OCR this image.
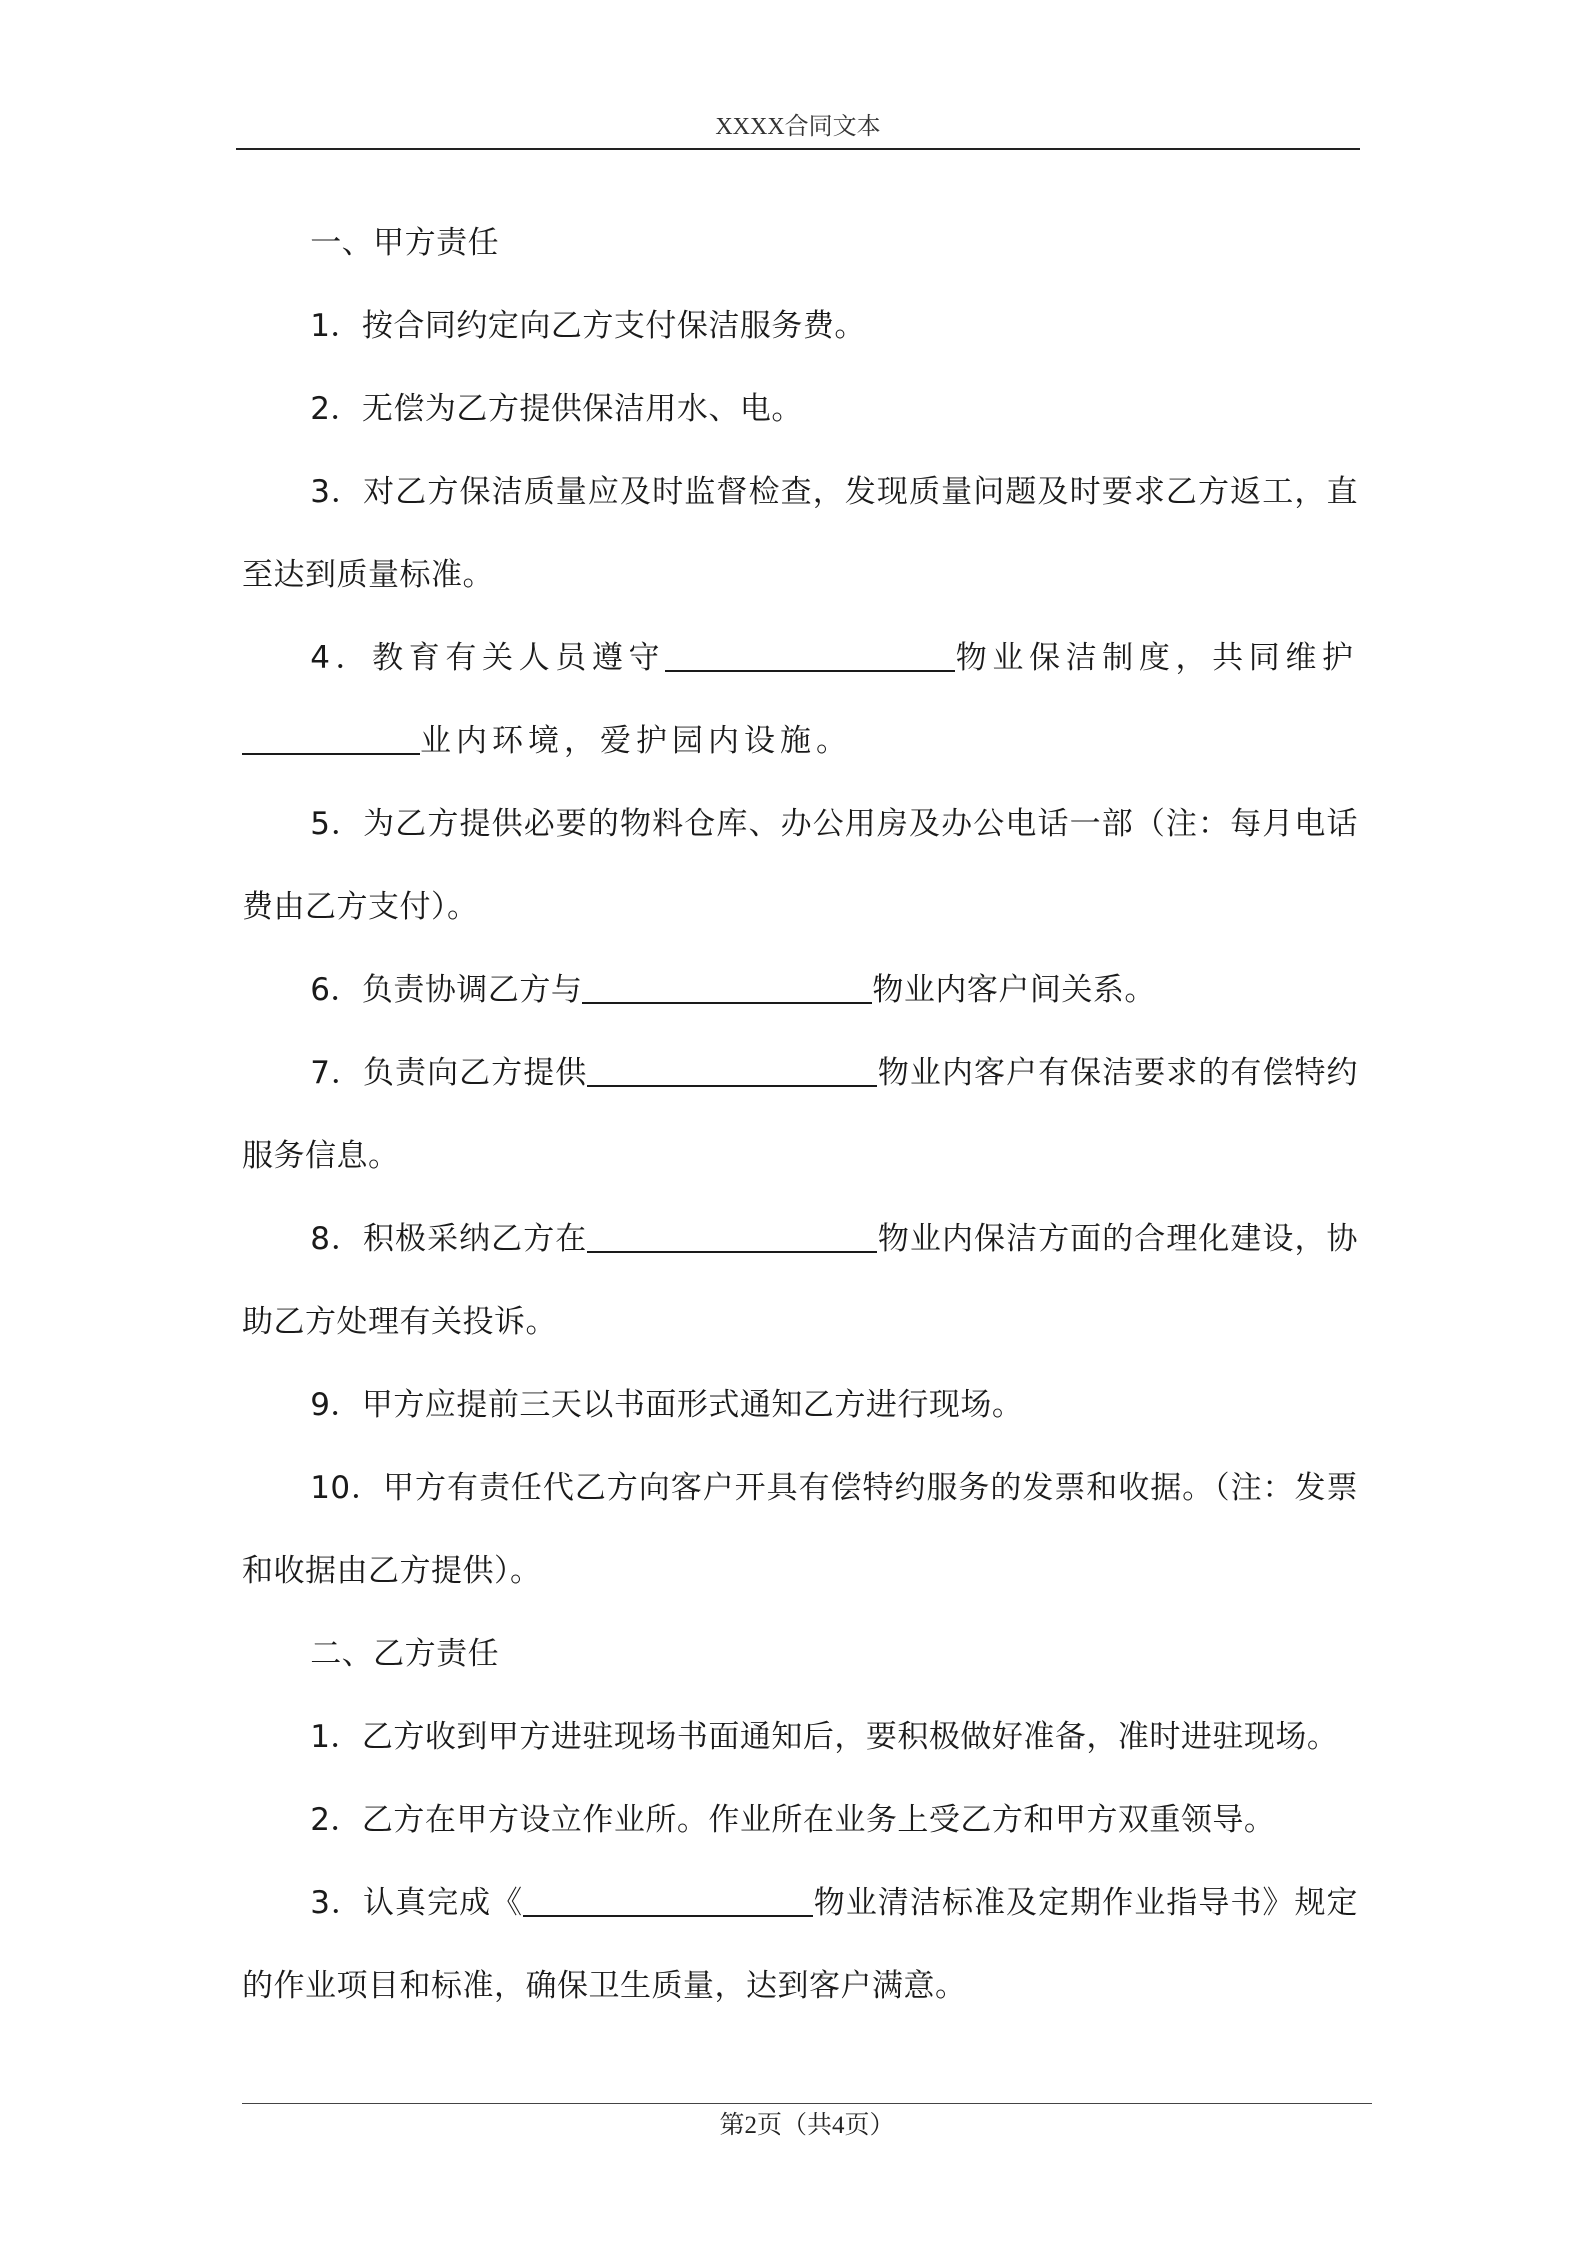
XXXX合同文本

一、甲方责任

1．按合同约定向乙方支付保洁服务费。

2．无偿为乙方提供保洁用水、电。

3．对乙方保洁质量应及时监督检查，发现质量问题及时要求乙方返工，直至达到质量标准。

4．教育有关人员遵守	物业保洁制度，共同维护业内环境，爱护园内设施。

5．为乙方提供必要的物料仓库、办公用房及办公电话一部（注：每月电话费由乙方支付）。

6．负责协调乙方与	物业内客户间关系。

7．负责向乙方提供	物业内客户有保洁要求的有偿特约服务信息。

8．积极采纳乙方在	物业内保洁方面的合理化建设，协助乙方处理有关投诉。

9．甲方应提前三天以书面形式通知乙方进行现场。

10．甲方有责任代乙方向客户开具有偿特约服务的发票和收据。（注：发票和收据由乙方提供）。

二、乙方责任

1．乙方收到甲方进驻现场书面通知后，要积极做好准备，准时进驻现场。

2．乙方在甲方设立作业所。作业所在业务上受乙方和甲方双重领导。

3．认真完成《	物业清洁标准及定期作业指导书》规定的作业项目和标准，确保卫生质量，达到客户满意。

第2页（共4页）
